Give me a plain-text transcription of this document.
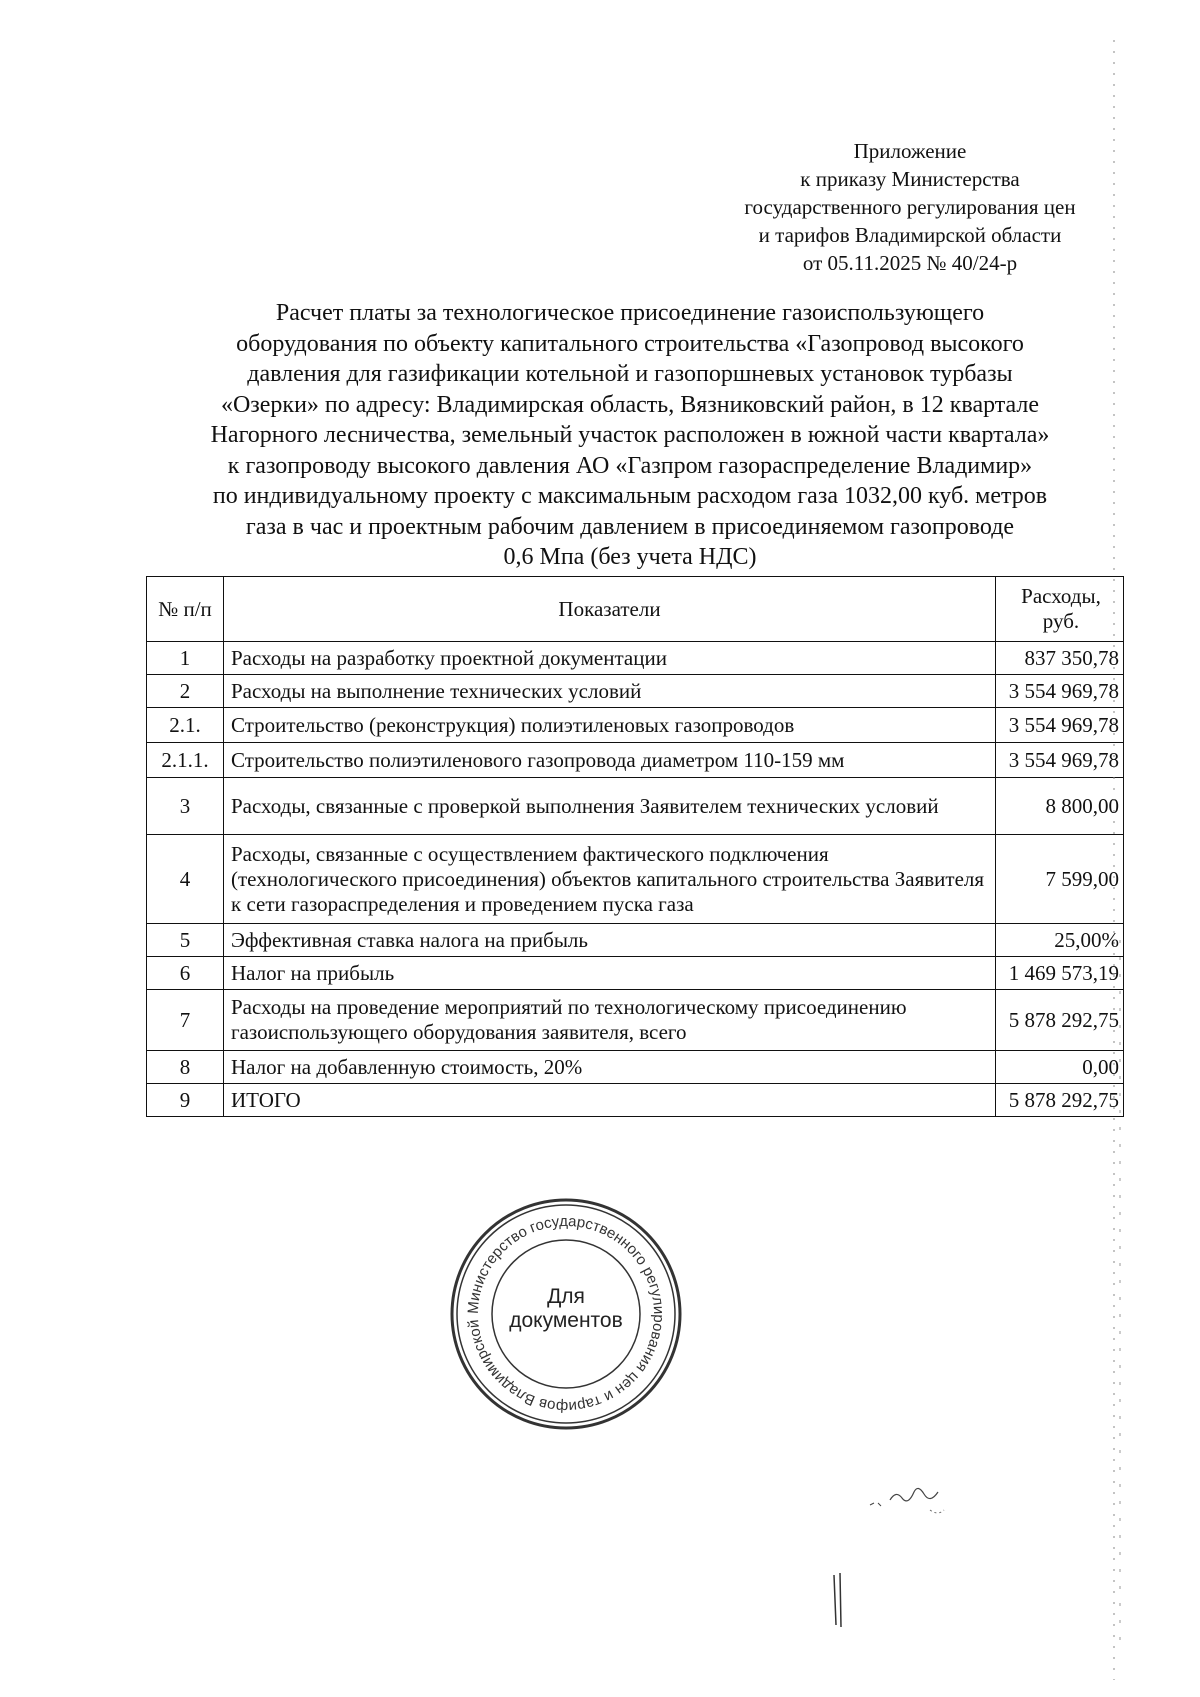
Приложение
к приказу Министерства
государственного регулирования цен
и тарифов Владимирской области
от 05.11.2025 № 40/24-р
Расчет платы за технологическое присоединение газоиспользующего
оборудования по объекту капитального строительства «Газопровод высокого
давления для газификации котельной и газопоршневых установок турбазы
«Озерки» по адресу: Владимирская область, Вязниковский район, в 12 квартале
Нагорного лесничества, земельный участок расположен в южной части квартала»
к газопроводу высокого давления АО «Газпром газораспределение Владимир»
по индивидуальному проекту с максимальным расходом газа 1032,00 куб. метров
газа в час и проектным рабочим давлением в присоединяемом газопроводе
0,6 Мпа (без учета НДС)
№ п/п	Показатели	Расходы, руб.
1	Расходы на разработку проектной документации	837 350,78
2	Расходы на выполнение технических условий	3 554 969,78
2.1.	Строительство (реконструкция) полиэтиленовых газопроводов	3 554 969,78
2.1.1.	Строительство полиэтиленового газопровода диаметром 110-159 мм	3 554 969,78
3	Расходы, связанные с проверкой выполнения Заявителем технических условий	8 800,00
4	Расходы, связанные с осуществлением фактического подключения (технологического присоединения) объектов капитального строительства Заявителя к сети газораспределения и проведением пуска газа	7 599,00
5	Эффективная ставка налога на прибыль	25,00%
6	Налог на прибыль	1 469 573,19
7	Расходы на проведение мероприятий по технологическому присоединению газоиспользующего оборудования заявителя, всего	5 878 292,75
8	Налог на добавленную стоимость, 20%	0,00
9	ИТОГО	5 878 292,75
Министерство государственного регулирования цен и тарифов Владимирской
Для
документов
